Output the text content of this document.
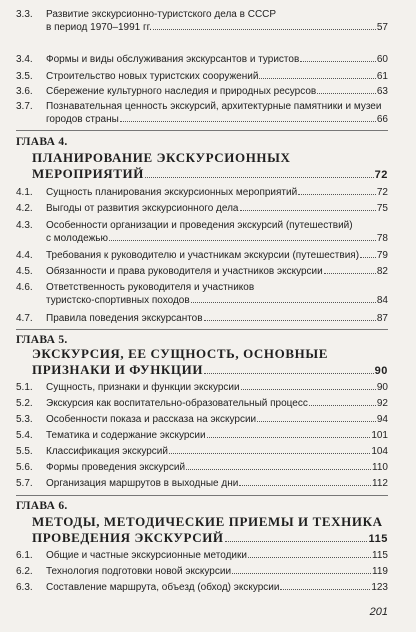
3.3.	Развитие экскурсионно-туристского дела в СССР
в период 1970–1991 гг.	57
3.4.	Формы и виды обслуживания экскурсантов и туристов	60
3.5.	Строительство новых туристских сооружений	61
3.6.	Сбережение культурного наследия и природных ресурсов	63
3.7.	Познавательная ценность экскурсий, архитектурные памятники и музеи
городов страны	66
ГЛАВА 4.
ПЛАНИРОВАНИЕ ЭКСКУРСИОННЫХ
МЕРОПРИЯТИЙ	72
4.1.	Сущность планирования экскурсионных мероприятий	72
4.2.	Выгоды от развития экскурсионного дела	75
4.3.	Особенности организации и проведения экскурсий (путешествий)
с молодежью	78
4.4.	Требования к руководителю и участникам экскурсии (путешествия) 79
4.5.	Обязанности и права руководителя и участников экскурсии	82
4.6.	Ответственность руководителя и участников
туристско-спортивных походов	84
4.7.	Правила поведения экскурсантов	87
ГЛАВА 5.
ЭКСКУРСИЯ, ЕЕ СУЩНОСТЬ, ОСНОВНЫЕ
ПРИЗНАКИ И ФУНКЦИИ	90
5.1.	Сущность, признаки и функции экскурсии	90
5.2.	Экскурсия как воспитательно-образовательный процесс	92
5.3.	Особенности показа и рассказа на экскурсии	94
5.4.	Тематика и содержание экскурсии	101
5.5.	Классификация экскурсий	104
5.6.	Формы проведения экскурсий	110
5.7.	Организация маршрутов в выходные дни	112
ГЛАВА 6.
МЕТОДЫ, МЕТОДИЧЕСКИЕ ПРИЕМЫ И ТЕХНИКА
ПРОВЕДЕНИЯ ЭКСКУРСИЙ	115
6.1.	Общие и частные экскурсионные методики	115
6.2.	Технология подготовки новой экскурсии	119
6.3.	Составление маршрута, объезд (обход) экскурсии	123
201
